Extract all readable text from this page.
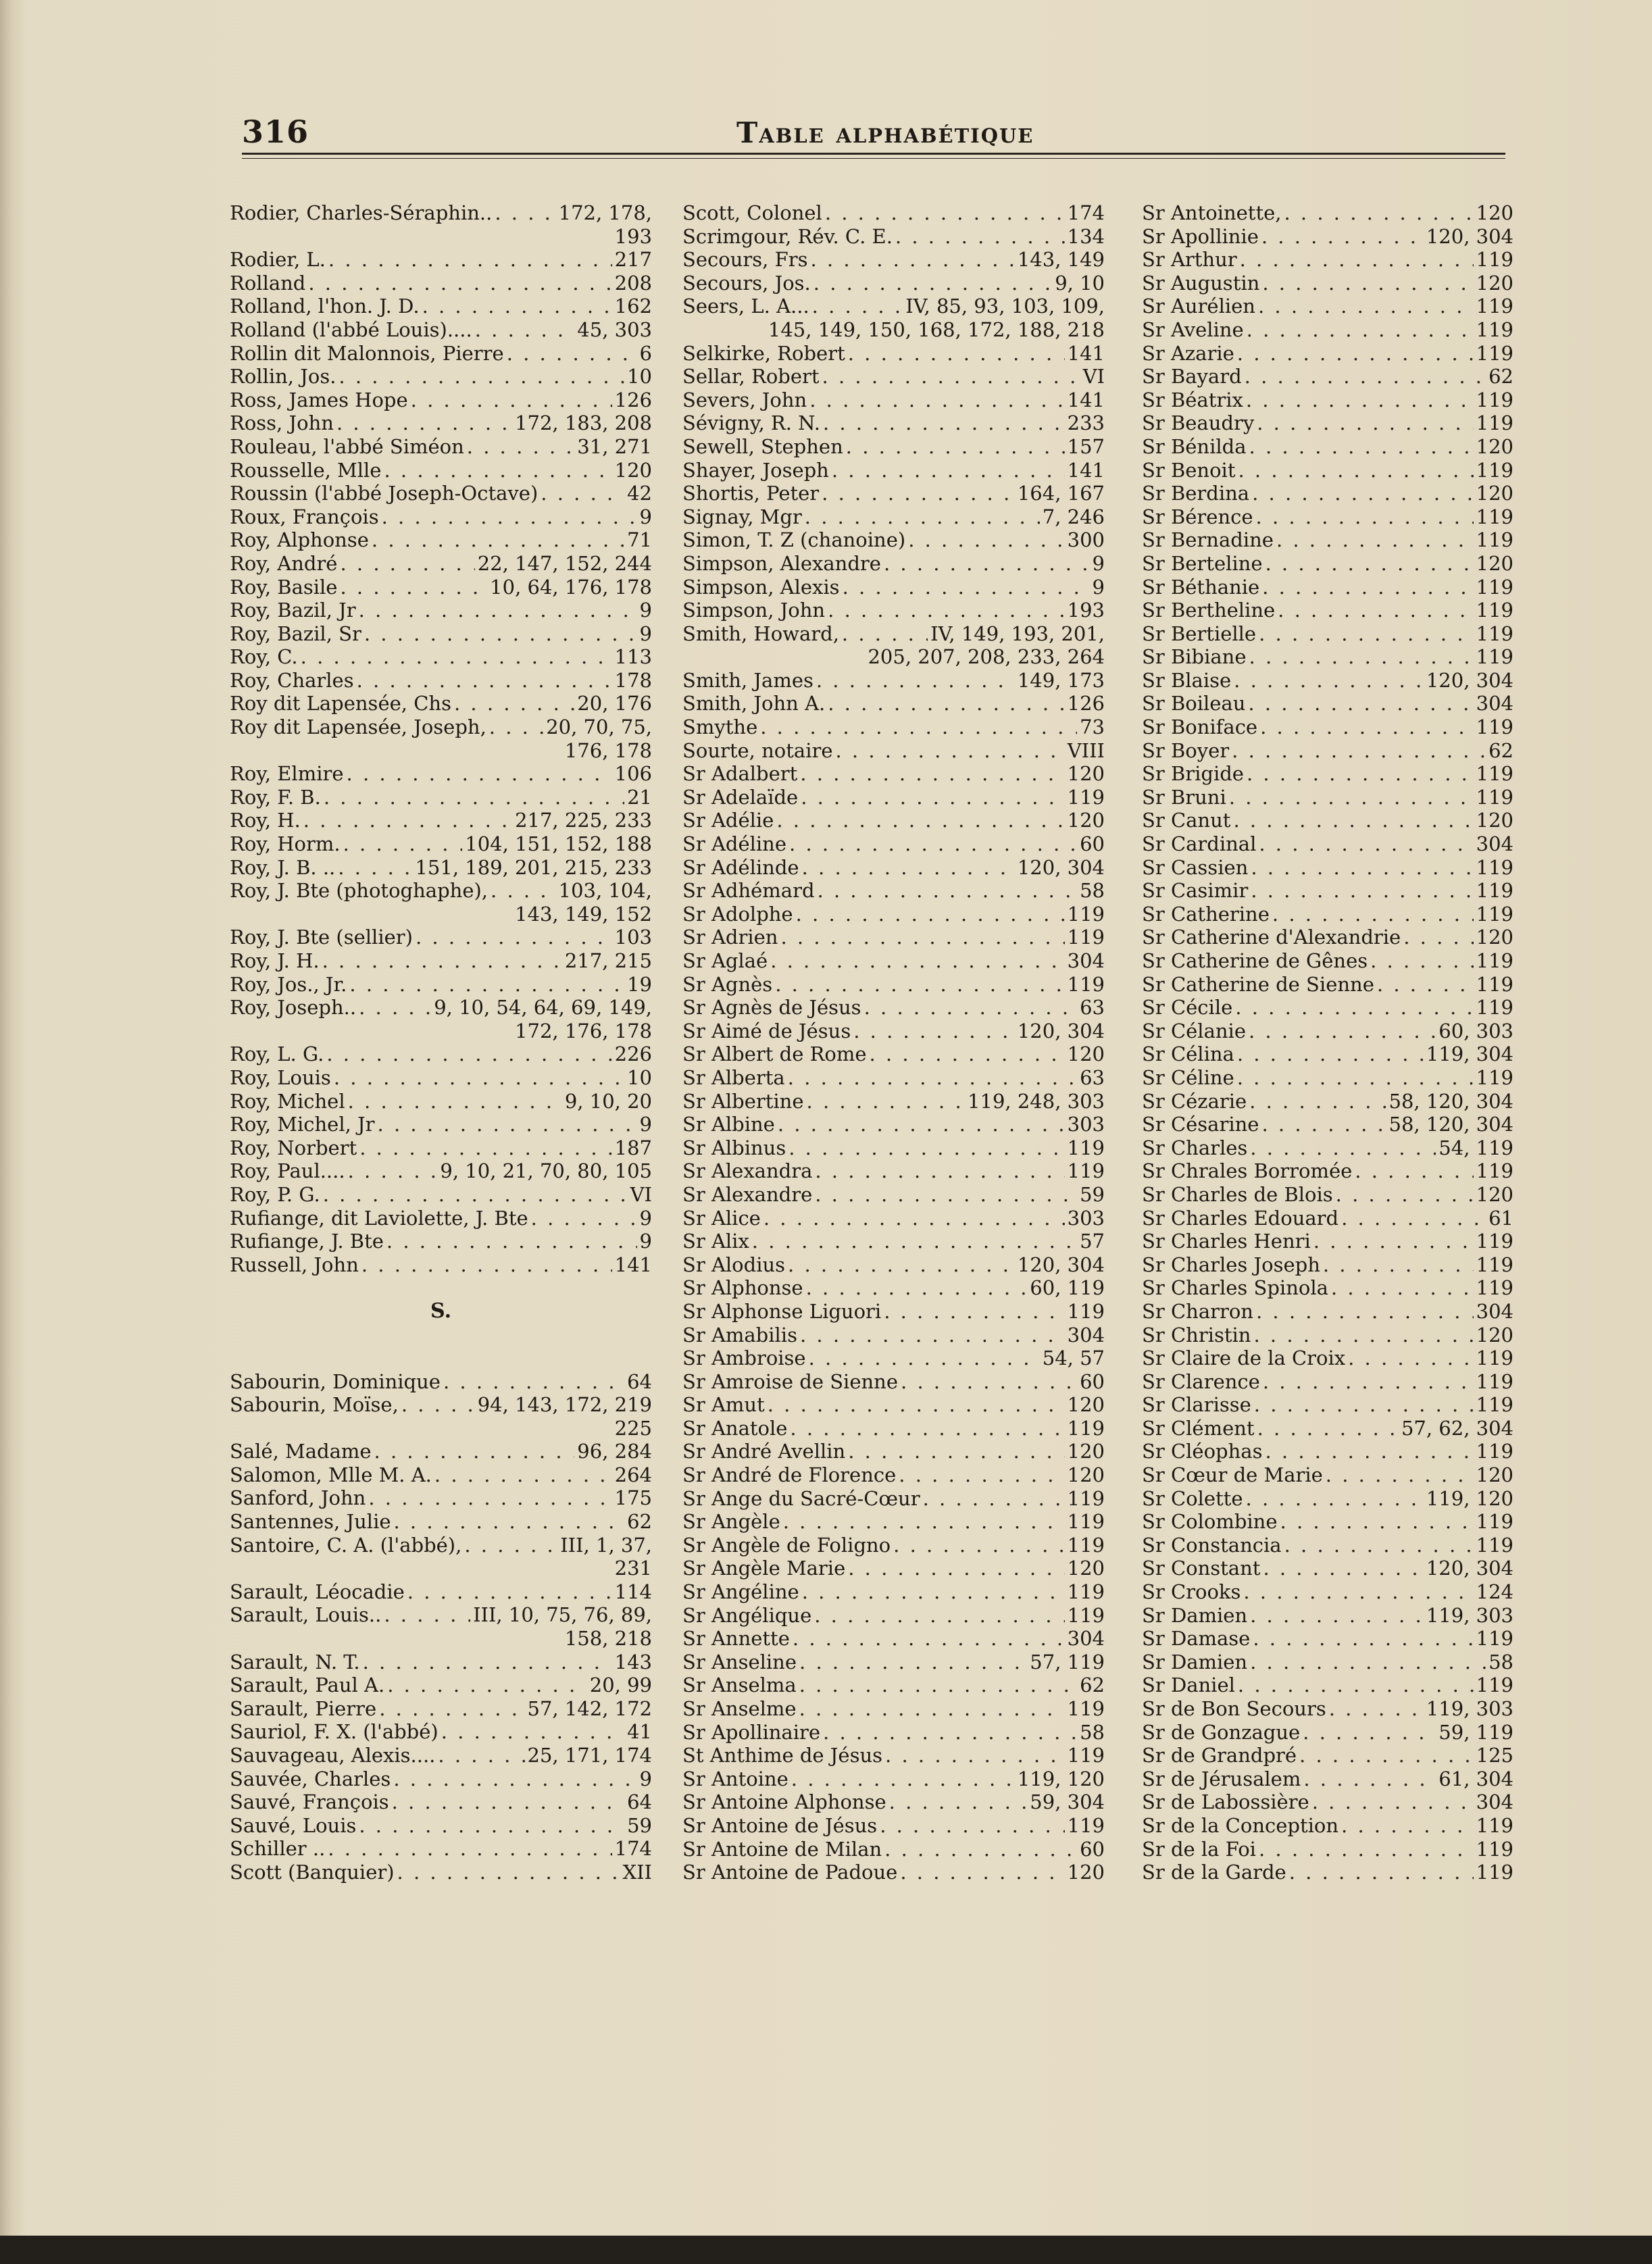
316	Table alphabétique
Rodier, Charles-Séraphin.. . . .	172, 178,
193
Rodier, L. . . .	217
Rolland . . .	208
Rolland, l'hon. J. D. . . .	162
Rolland (l'abbé Louis).... . . .	45, 303
Rollin dit Malonnois, Pierre . . .	6
Rollin, Jos. . . .	10
Ross, James Hope . . .	126
Ross, John . . .	172, 183, 208
Rouleau, l'abbé Siméon . . .	31, 271
Rousselle, Mlle . . .	120
Roussin (l'abbé Joseph-Octave) . . .	42
Roux, François . . .	9
Roy, Alphonse . . .	71
Roy, André . . .	22, 147, 152, 244
Roy, Basile . . .	10, 64, 176, 178
Roy, Bazil, Jr . . .	9
Roy, Bazil, Sr . . .	9
Roy, C. . . .	113
Roy, Charles . . .	178
Roy dit Lapensée, Chs . . .	20, 176
Roy dit Lapensée, Joseph, . . .	20, 70, 75,
176, 178
Roy, Elmire . . .	106
Roy, F. B. . . .	21
Roy, H. . . .	217, 225, 233
Roy, Horm. . . .	104, 151, 152, 188
Roy, J. B. .. . . .	151, 189, 201, 215, 233
Roy, J. Bte (photoghaphe), . . .	103, 104,
143, 149, 152
Roy, J. Bte (sellier) . . .	103
Roy, J. H. . . .	217, 215
Roy, Jos., Jr. . . .	19
Roy, Joseph.. . . .	9, 10, 54, 64, 69, 149,
172, 176, 178
Roy, L. G. . . .	226
Roy, Louis . . .	10
Roy, Michel . . .	9, 10, 20
Roy, Michel, Jr . . .	9
Roy, Norbert . . .	187
Roy, Paul.... . . .	9, 10, 21, 70, 80, 105
Roy, P. G. . . .	VI
Rufiange, dit Laviolette, J. Bte . . .	9
Rufiange, J. Bte . . .	9
Russell, John . . .	141
S.
Sabourin, Dominique . . .	64
Sabourin, Moïse, . . .	94, 143, 172, 219
225
Salé, Madame . . .	96, 284
Salomon, Mlle M. A. . . .	264
Sanford, John . . .	175
Santennes, Julie . . .	62
Santoire, C. A. (l'abbé), . . .	III, 1, 37,
231
Sarault, Léocadie . . .	114
Sarault, Louis.. . . .	III, 10, 75, 76, 89,
158, 218
Sarault, N. T. . . .	143
Sarault, Paul A. . . .	20, 99
Sarault, Pierre . . .	57, 142, 172
Sauriol, F. X. (l'abbé) . . .	41
Sauvageau, Alexis.... . . .	25, 171, 174
Sauvée, Charles . . .	9
Sauvé, François . . .	64
Sauvé, Louis . . .	59
Schiller .. . . .	174
Scott (Banquier) . . .	XII
Scott, Colonel . . .	174
Scrimgour, Rév. C. E. . . .	134
Secours, Frs . . .	143, 149
Secours, Jos. . . .	9, 10
Seers, L. A... . . .	IV, 85, 93, 103, 109,
145, 149, 150, 168, 172, 188, 218
Selkirke, Robert . . .	141
Sellar, Robert . . .	VI
Severs, John . . .	141
Sévigny, R. N. . . .	233
Sewell, Stephen . . .	157
Shayer, Joseph . . .	141
Shortis, Peter . . .	164, 167
Signay, Mgr . . .	7, 246
Simon, T. Z (chanoine) . . .	300
Simpson, Alexandre . . .	9
Simpson, Alexis . . .	9
Simpson, John . . .	193
Smith, Howard, . . .	IV, 149, 193, 201,
205, 207, 208, 233, 264
Smith, James . . .	149, 173
Smith, John A. . . .	126
Smythe . . .	73
Sourte, notaire . . .	VIII
Sr Adalbert . . .	120
Sr Adelaïde . . .	119
Sr Adélie . . .	120
Sr Adéline . . .	60
Sr Adélinde . . .	120, 304
Sr Adhémard . . .	58
Sr Adolphe . . .	119
Sr Adrien . . .	119
Sr Aglaé . . .	304
Sr Agnès . . .	119
Sr Agnès de Jésus . . .	63
Sr Aimé de Jésus . . .	120, 304
Sr Albert de Rome . . .	120
Sr Alberta . . .	63
Sr Albertine . . .	119, 248, 303
Sr Albine . . .	303
Sr Albinus . . .	119
Sr Alexandra . . .	119
Sr Alexandre . . .	59
Sr Alice . . .	303
Sr Alix . . .	57
Sr Alodius . . .	120, 304
Sr Alphonse . . .	60, 119
Sr Alphonse Liguori . . .	119
Sr Amabilis . . .	304
Sr Ambroise . . .	54, 57
Sr Amroise de Sienne . . .	60
Sr Amut . . .	120
Sr Anatole . . .	119
Sr André Avellin . . .	120
Sr André de Florence . . .	120
Sr Ange du Sacré-Cœur . . .	119
Sr Angèle . . .	119
Sr Angèle de Foligno . . .	119
Sr Angèle Marie . . .	120
Sr Angéline . . .	119
Sr Angélique . . .	119
Sr Annette . . .	304
Sr Anseline . . .	57, 119
Sr Anselma . . .	62
Sr Anselme . . .	119
Sr Apollinaire . . .	58
St Anthime de Jésus . . .	119
Sr Antoine . . .	119, 120
Sr Antoine Alphonse . . .	59, 304
Sr Antoine de Jésus . . .	119
Sr Antoine de Milan . . .	60
Sr Antoine de Padoue . . .	120
Sr Antoinette, . . .	120
Sr Apollinie . . .	120, 304
Sr Arthur . . .	119
Sr Augustin . . .	120
Sr Aurélien . . .	119
Sr Aveline . . .	119
Sr Azarie . . .	119
Sr Bayard . . .	62
Sr Béatrix . . .	119
Sr Beaudry . . .	119
Sr Bénilda . . .	120
Sr Benoit . . .	119
Sr Berdina . . .	120
Sr Bérence . . .	119
Sr Bernadine . . .	119
Sr Berteline . . .	120
Sr Béthanie . . .	119
Sr Bertheline . . .	119
Sr Bertielle . . .	119
Sr Bibiane . . .	119
Sr Blaise . . .	120, 304
Sr Boileau . . .	304
Sr Boniface . . .	119
Sr Boyer . . .	62
Sr Brigide . . .	119
Sr Bruni . . .	119
Sr Canut . . .	120
Sr Cardinal . . .	304
Sr Cassien . . .	119
Sr Casimir . . .	119
Sr Catherine . . .	119
Sr Catherine d'Alexandrie . . .	120
Sr Catherine de Gênes . . .	119
Sr Catherine de Sienne . . .	119
Sr Cécile . . .	119
Sr Célanie . . .	60, 303
Sr Célina . . .	119, 304
Sr Céline . . .	119
Sr Cézarie . . .	58, 120, 304
Sr Césarine . . .	58, 120, 304
Sr Charles . . .	54, 119
Sr Chrales Borromée . . .	119
Sr Charles de Blois . . .	120
Sr Charles Edouard . . .	61
Sr Charles Henri . . .	119
Sr Charles Joseph . . .	119
Sr Charles Spinola . . .	119
Sr Charron . . .	304
Sr Christin . . .	120
Sr Claire de la Croix . . .	119
Sr Clarence . . .	119
Sr Clarisse . . .	119
Sr Clément . . .	57, 62, 304
Sr Cléophas . . .	119
Sr Cœur de Marie . . .	120
Sr Colette . . .	119, 120
Sr Colombine . . .	119
Sr Constancia . . .	119
Sr Constant . . .	120, 304
Sr Crooks . . .	124
Sr Damien . . .	119, 303
Sr Damase . . .	119
Sr Damien . . .	58
Sr Daniel . . .	119
Sr de Bon Secours . . .	119, 303
Sr de Gonzague . . .	59, 119
Sr de Grandpré . . .	125
Sr de Jérusalem . . .	61, 304
Sr de Labossière . . .	304
Sr de la Conception . . .	119
Sr de la Foi . . .	119
Sr de la Garde . . .	119
